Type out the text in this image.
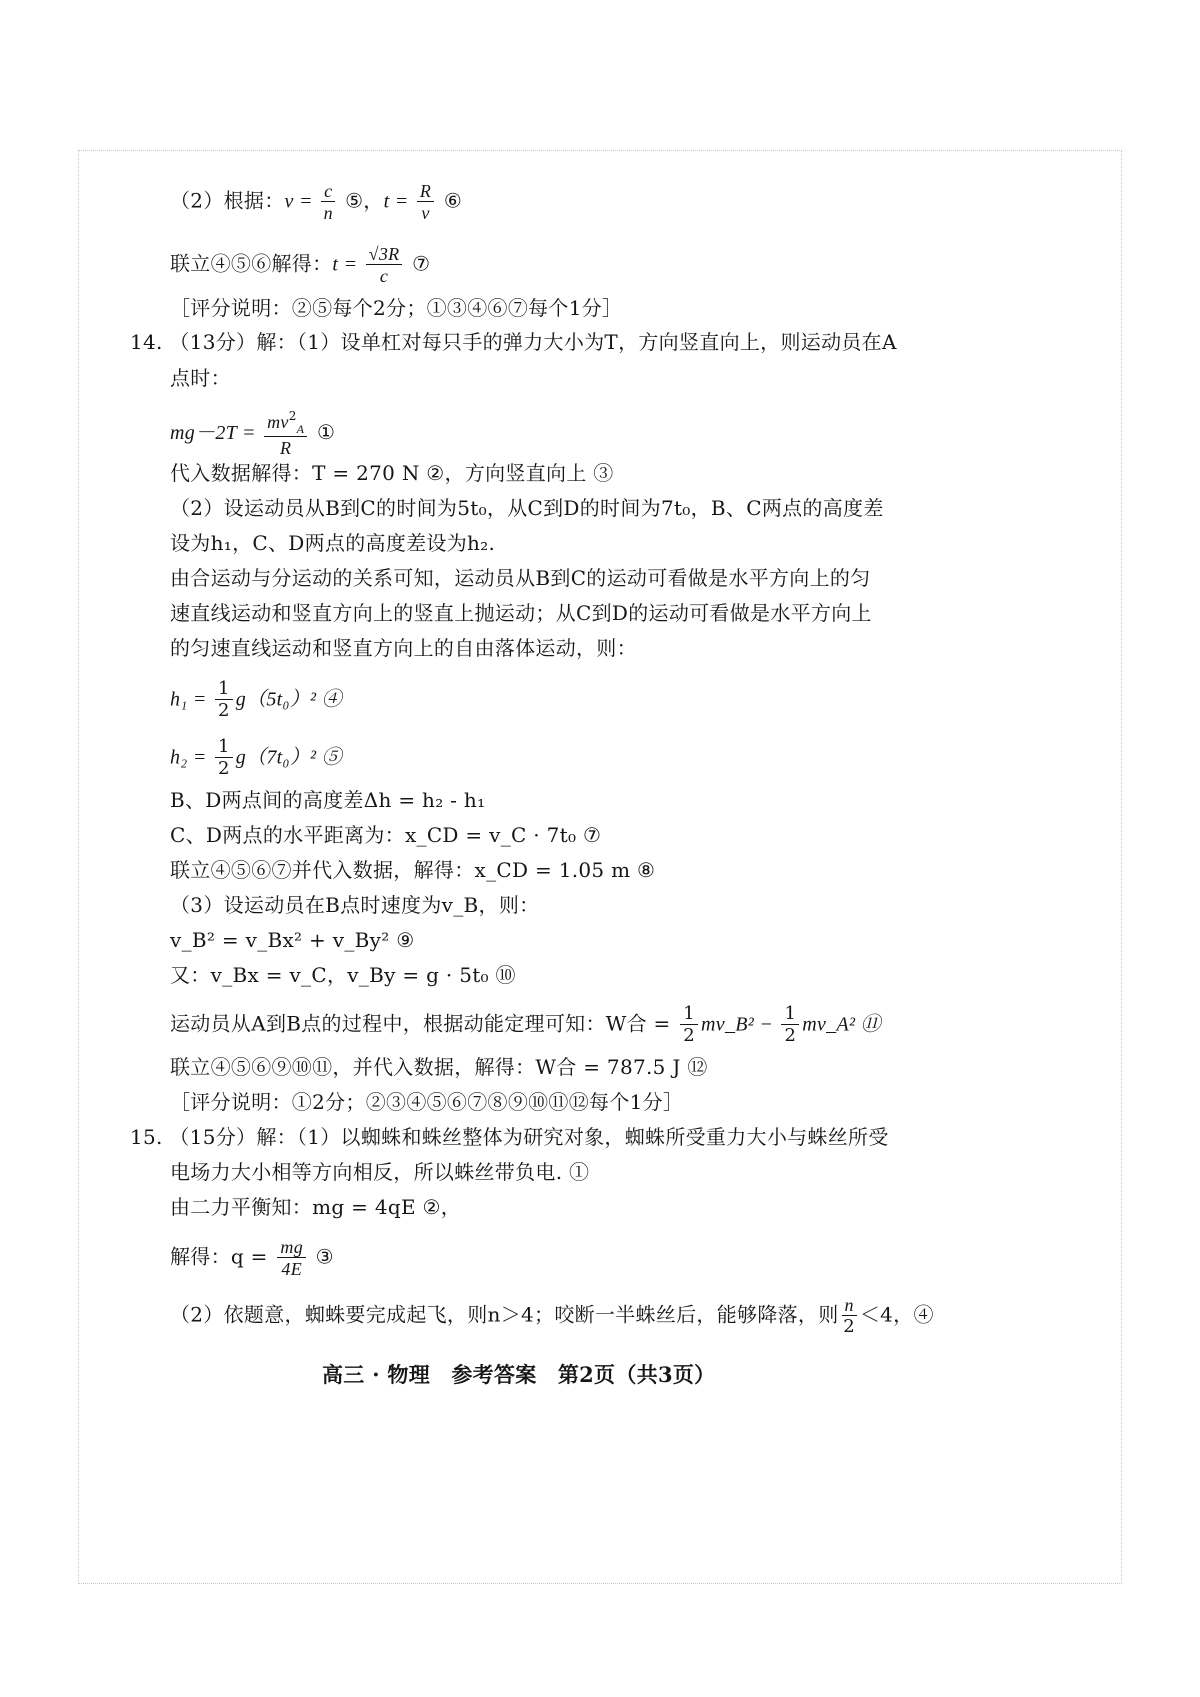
（2）根据：$v = \frac{c}{n}$ ⑤，$t = \frac{R}{v}$ ⑥
联立④⑤⑥解得：$t = \frac{√3R}{c}$ ⑦
［评分说明：②⑤每个2分；①③④⑥⑦每个1分］
14. （13分）解：（1）设单杠对每只手的弹力大小为T，方向竖直向上，则运动员在A
点时：
$mg-2T = \frac{mv^2_A}{R}$ ①
代入数据解得：T = 270 N ②，方向竖直向上 ③
（2）设运动员从B到C的时间为5t₀，从C到D的时间为7t₀，B、C两点的高度差
设为h₁，C、D两点的高度差设为h₂.
由合运动与分运动的关系可知，运动员从B到C的运动可看做是水平方向上的匀
速直线运动和竖直方向上的竖直上抛运动；从C到D的运动可看做是水平方向上
的匀速直线运动和竖直方向上的自由落体运动，则：
$h_1 = \frac{1}{2} g(5t_0)^2$ ④
$h_2 = \frac{1}{2} g(7t_0)^2$ ⑤
B、D两点间的高度差Δh = h₂ - h₁
C、D两点的水平距离为：x_CD = v_C · 7t₀ ⑦
联立④⑤⑥⑦并代入数据，解得：x_CD = 1.05 m ⑧
（3）设运动员在B点时速度为v_B，则：
v_B² = v_Bx² + v_By² ⑨
又：v_Bx = v_C，v_By = g · 5t₀ ⑩
运动员从A到B点的过程中，根据动能定理可知：W合 = $\frac{1}{2}$ mv_B² − $\frac{1}{2}$ mv_A² ⑪
联立④⑤⑥⑨⑩⑪，并代入数据，解得：W合 = 787.5 J ⑫
［评分说明：①2分；②③④⑤⑥⑦⑧⑨⑩⑪⑫每个1分］
15. （15分）解：（1）以蜘蛛和蛛丝整体为研究对象，蜘蛛所受重力大小与蛛丝所受
电场力大小相等方向相反，所以蛛丝带负电. ①
由二力平衡知：mg = 4qE ②，
解得：$q = \frac{mg}{4E}$ ③
（2）依题意，蜘蛛要完成起飞，则n＞4；咬断一半蛛丝后，能够降落，则 $\frac{n}{2} <4$，④
高三 · 物理　参考答案　第2页（共3页）
